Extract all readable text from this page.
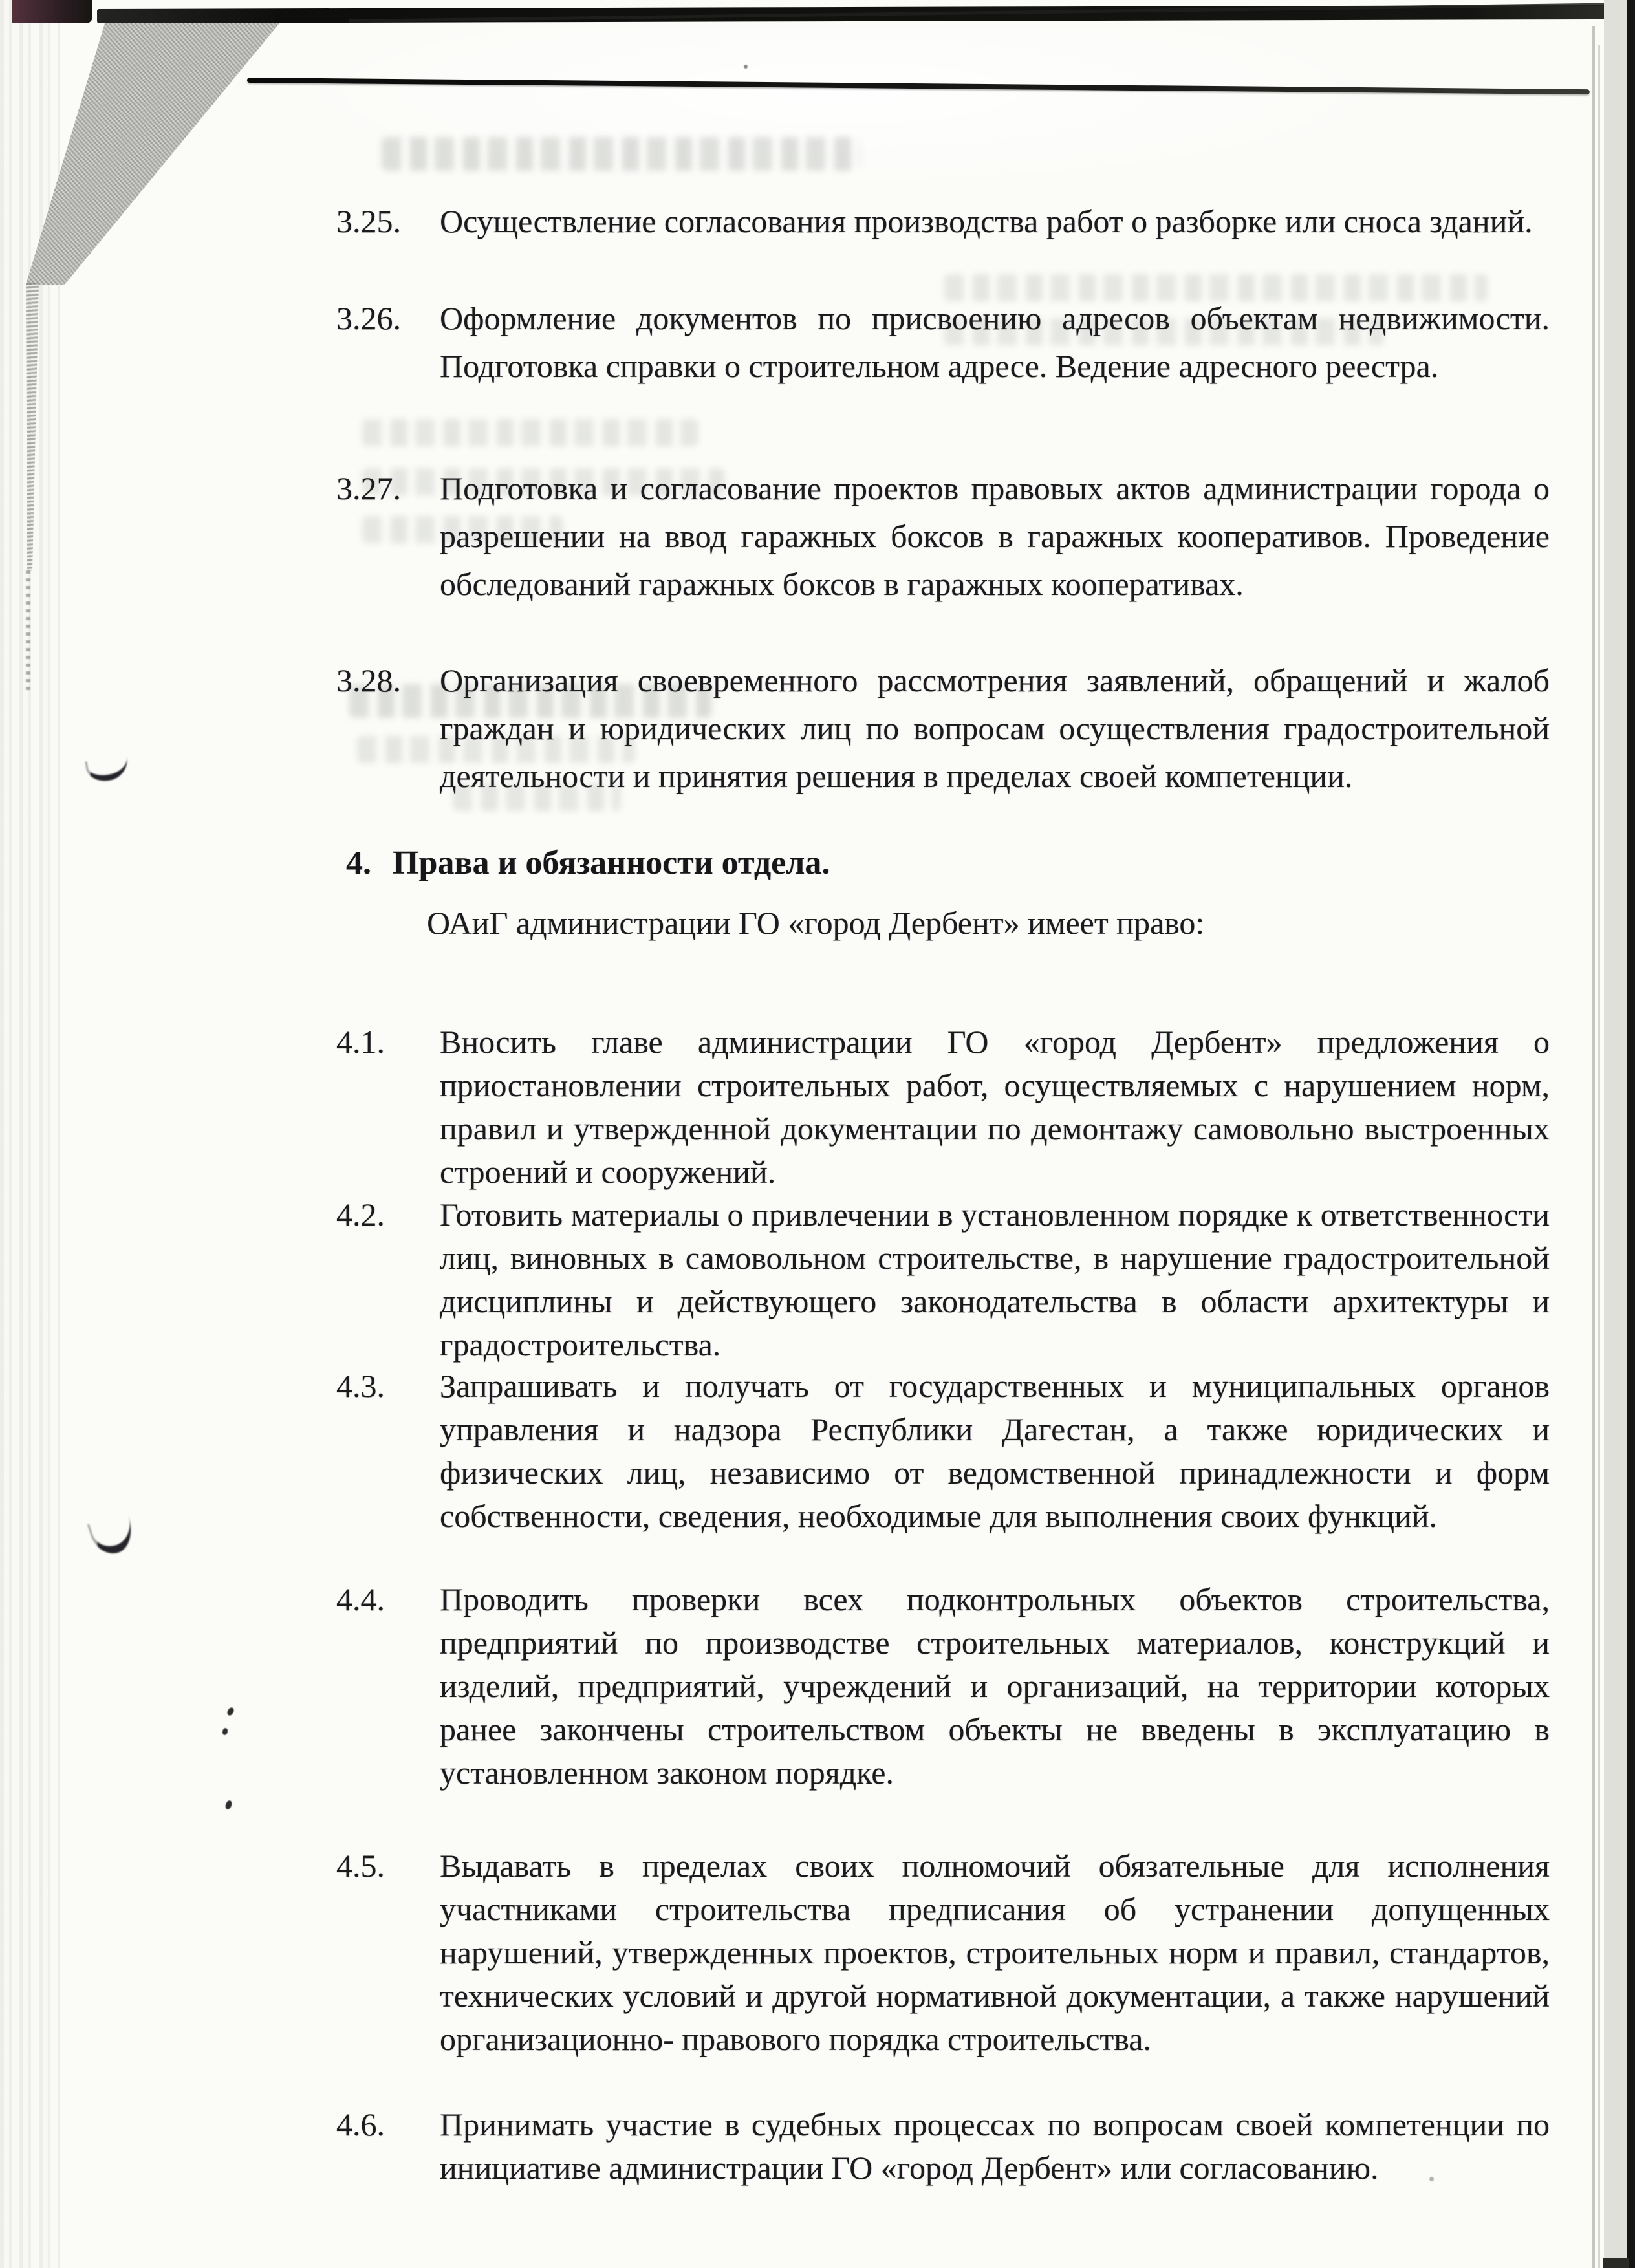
3.25. Осуществление согласования производства работ о разборке или сноса зданий.

3.26. Оформление документов по присвоению адресов объектам недвижимости. Подготовка справки о строительном адресе. Ведение адресного реестра.

3.27. Подготовка и согласование проектов правовых актов администрации города о разрешении на ввод гаражных боксов в гаражных кооперативов. Проведение обследований гаражных боксов в гаражных кооперативах.

3.28. Организация своевременного рассмотрения заявлений, обращений и жалоб граждан и юридических лиц по вопросам осуществления градостроительной деятельности и принятия решения в пределах своей компетенции.

4. Права и обязанности отдела.

ОАиГ администрации ГО «город Дербент» имеет право:

4.1. Вносить главе администрации ГО «город Дербент» предложения о приостановлении строительных работ, осуществляемых с нарушением норм, правил и утвержденной документации по демонтажу самовольно выстроенных строений и сооружений.

4.2. Готовить материалы о привлечении в установленном порядке к ответственности лиц, виновных в самовольном строительстве, в нарушение градостроительной дисциплины и действующего законодательства в области архитектуры и градостроительства.

4.3. Запрашивать и получать от государственных и муниципальных органов управления и надзора Республики Дагестан, а также юридических и физических лиц, независимо от ведомственной принадлежности и форм собственности, сведения, необходимые для выполнения своих функций.

4.4. Проводить проверки всех подконтрольных объектов строительства, предприятий по производстве строительных материалов, конструкций и изделий, предприятий, учреждений и организаций, на территории которых ранее закончены строительством объекты не введены в эксплуатацию в установленном законом порядке.

4.5. Выдавать в пределах своих полномочий обязательные для исполнения участниками строительства предписания об устранении допущенных нарушений, утвержденных проектов, строительных норм и правил, стандартов, технических условий и другой нормативной документации, а также нарушений организационно- правового порядка строительства.

4.6. Принимать участие в судебных процессах по вопросам своей компетенции по инициативе администрации ГО «город Дербент» или согласованию.
